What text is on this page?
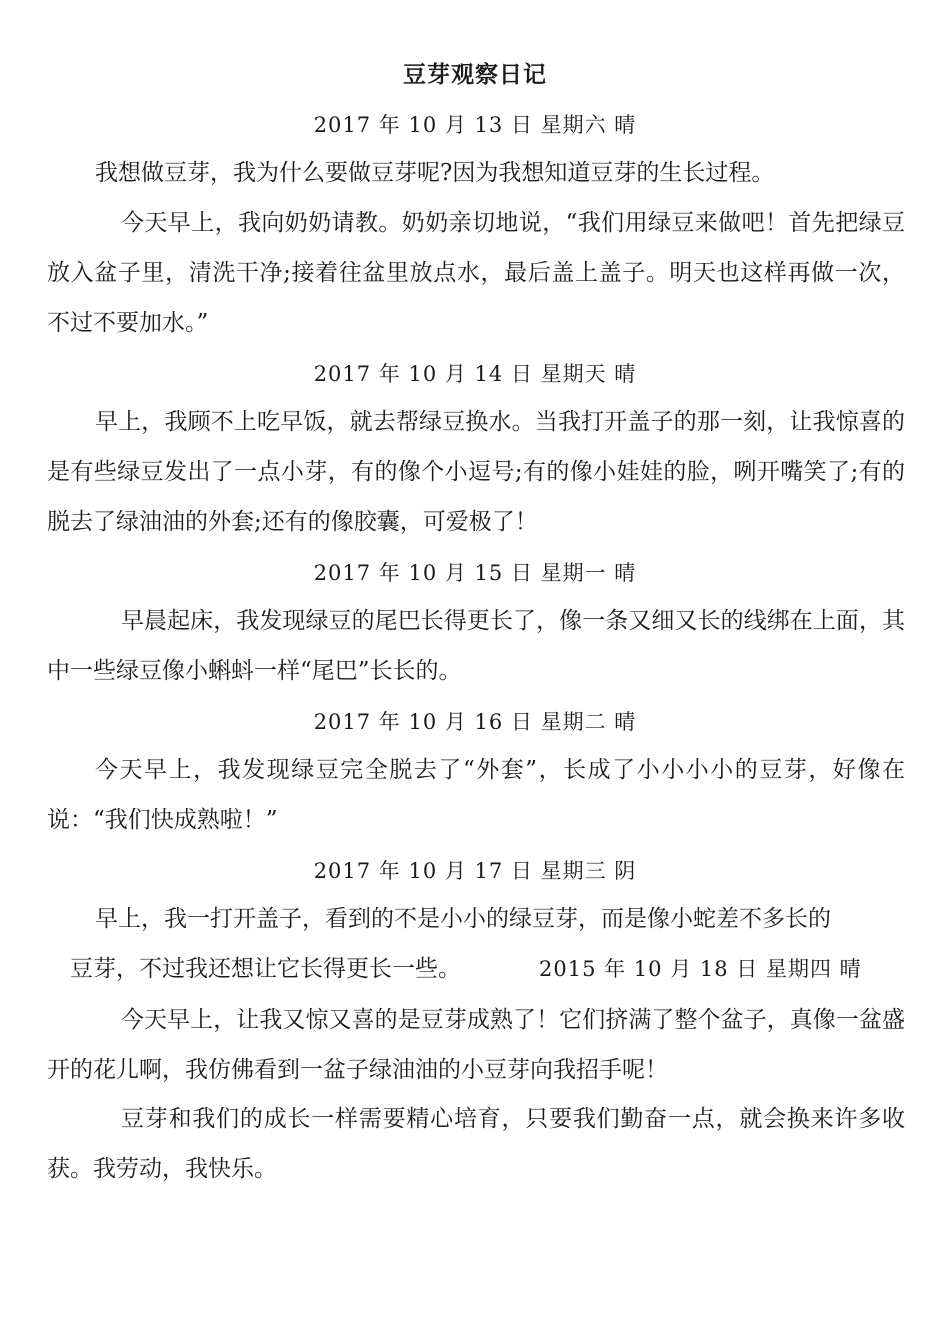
豆芽观察日记
2017 年 10 月 13 日 星期六 晴

我想做豆芽，我为什么要做豆芽呢?因为我想知道豆芽的生长过程。

今天早上，我向奶奶请教。奶奶亲切地说，“我们用绿豆来做吧！首先把绿豆放入盆子里，清洗干净;接着往盆里放点水，最后盖上盖子。明天也这样再做一次，不过不要加水。”

2017 年 10 月 14 日 星期天 晴

早上，我顾不上吃早饭，就去帮绿豆换水。当我打开盖子的那一刻，让我惊喜的是有些绿豆发出了一点小芽，有的像个小逗号;有的像小娃娃的脸，咧开嘴笑了;有的脱去了绿油油的外套;还有的像胶囊，可爱极了！

2017 年 10 月 15 日 星期一 晴

早晨起床，我发现绿豆的尾巴长得更长了，像一条又细又长的线绑在上面，其中一些绿豆像小蝌蚪一样“尾巴”长长的。

2017 年 10 月 16 日 星期二 晴

今天早上，我发现绿豆完全脱去了“外套”，长成了小小小小的豆芽，好像在说：“我们快成熟啦！”

2017 年 10 月 17 日 星期三 阴

早上，我一打开盖子，看到的不是小小的绿豆芽，而是像小蛇差不多长的

豆芽，不过我还想让它长得更长一些。	2015 年 10 月 18 日 星期四 晴

今天早上，让我又惊又喜的是豆芽成熟了！它们挤满了整个盆子，真像一盆盛开的花儿啊，我仿佛看到一盆子绿油油的小豆芽向我招手呢！

豆芽和我们的成长一样需要精心培育，只要我们勤奋一点，就会换来许多收获。我劳动，我快乐。
